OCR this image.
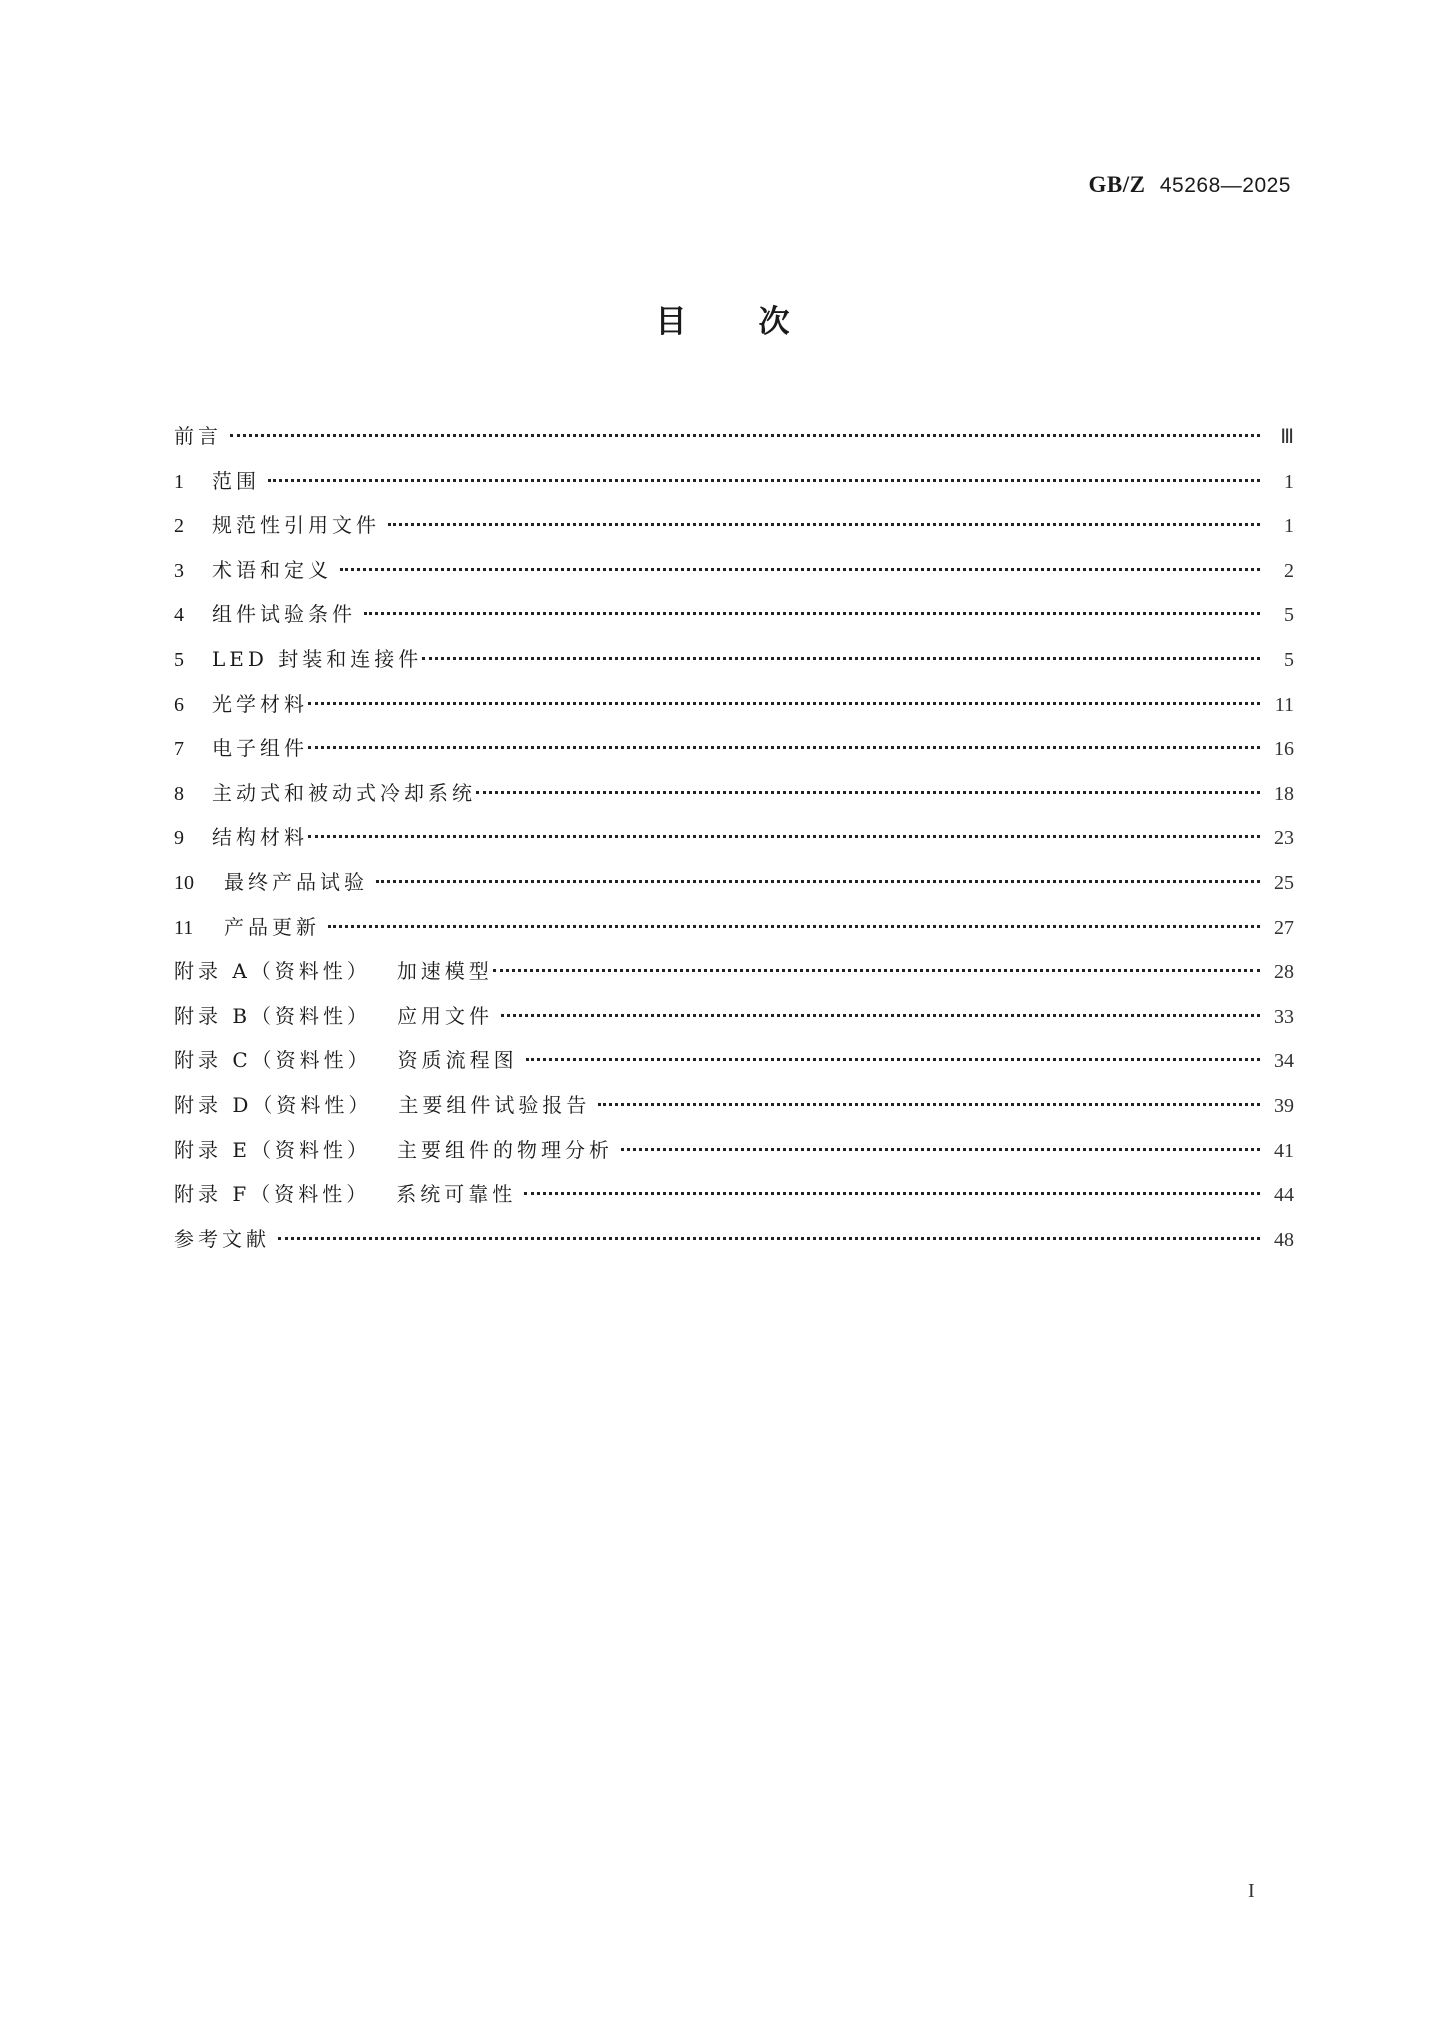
GB/Z 45268—2025
目 次
前言	Ⅲ
1	范围	1
2	规范性引用文件	1
3	术语和定义	2
4	组件试验条件	5
5	LED 封装和连接件	5
6	光学材料	11
7	电子组件	16
8	主动式和被动式冷却系统	18
9	结构材料	23
10	最终产品试验	25
11	产品更新	27
附录 A（资料性） 加速模型	28
附录 B（资料性） 应用文件	33
附录 C（资料性） 资质流程图	34
附录 D（资料性） 主要组件试验报告	39
附录 E（资料性） 主要组件的物理分析	41
附录 F（资料性） 系统可靠性	44
参考文献	48
I
